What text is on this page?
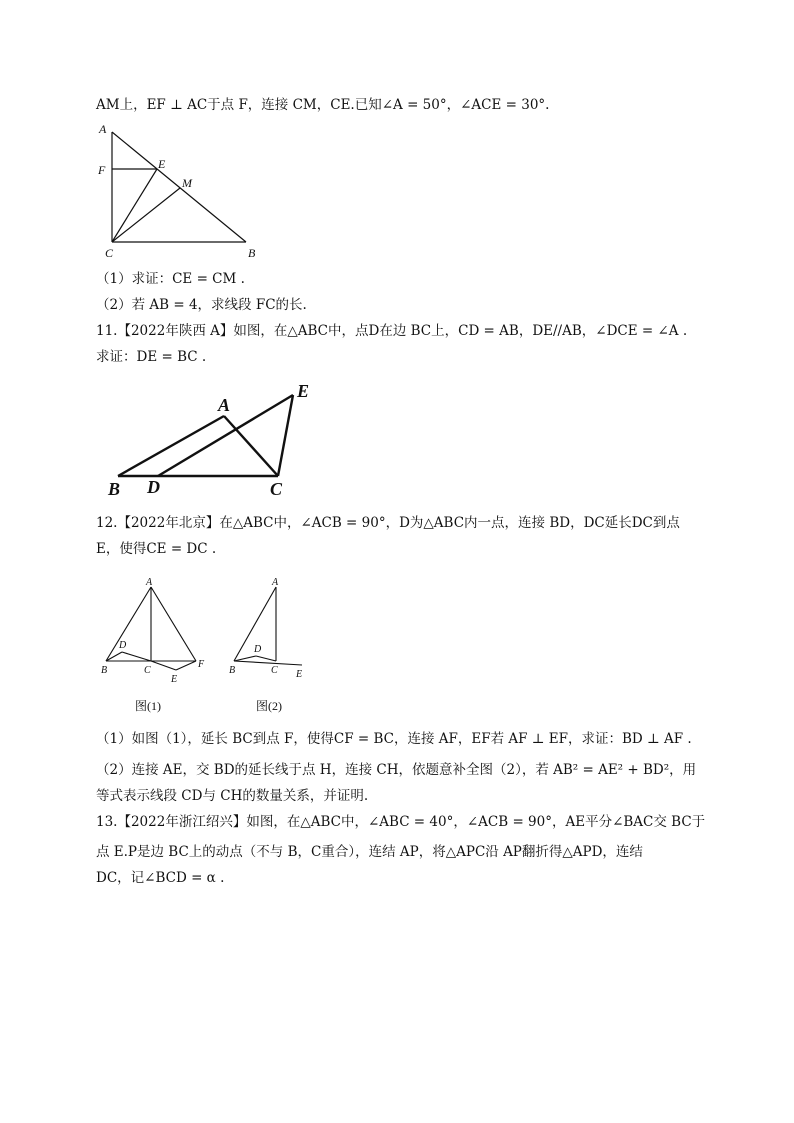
AM上，EF ⊥ AC于点 F，连接 CM，CE.已知∠A = 50°，∠ACE = 30°.
A
F	E
M
C	B
（1）求证：CE = CM .
（2）若 AB = 4，求线段 FC的长.
11.【2022年陕西 A】如图，在△ABC中，点D在边 BC上，CD = AB，DE//AB，∠DCE = ∠A .
求证：DE = BC .
A
E
B D	C
12.【2022年北京】在△ABC中，∠ACB = 90°，D为△ABC内一点，连接 BD，DC延长DC到点
E，使得CE = DC .
A
D
B	C
E
F
图(1)
A
D
B	C E
图(2)
（1）如图（1），延长 BC到点 F，使得CF = BC，连接 AF，EF若 AF ⊥ EF，求证：BD ⊥ AF .
（2）连接 AE，交 BD的延长线于点 H，连接 CH，依题意补全图（2），若 AB² = AE² + BD²，用
等式表示线段 CD与 CH的数量关系，并证明.
13.【2022年浙江绍兴】如图，在△ABC中，∠ABC = 40°，∠ACB = 90°，AE平分∠BAC交 BC于
点 E.P是边 BC上的动点（不与 B，C重合），连结 AP，将△APC沿 AP翻折得△APD，连结
DC，记∠BCD = α .
